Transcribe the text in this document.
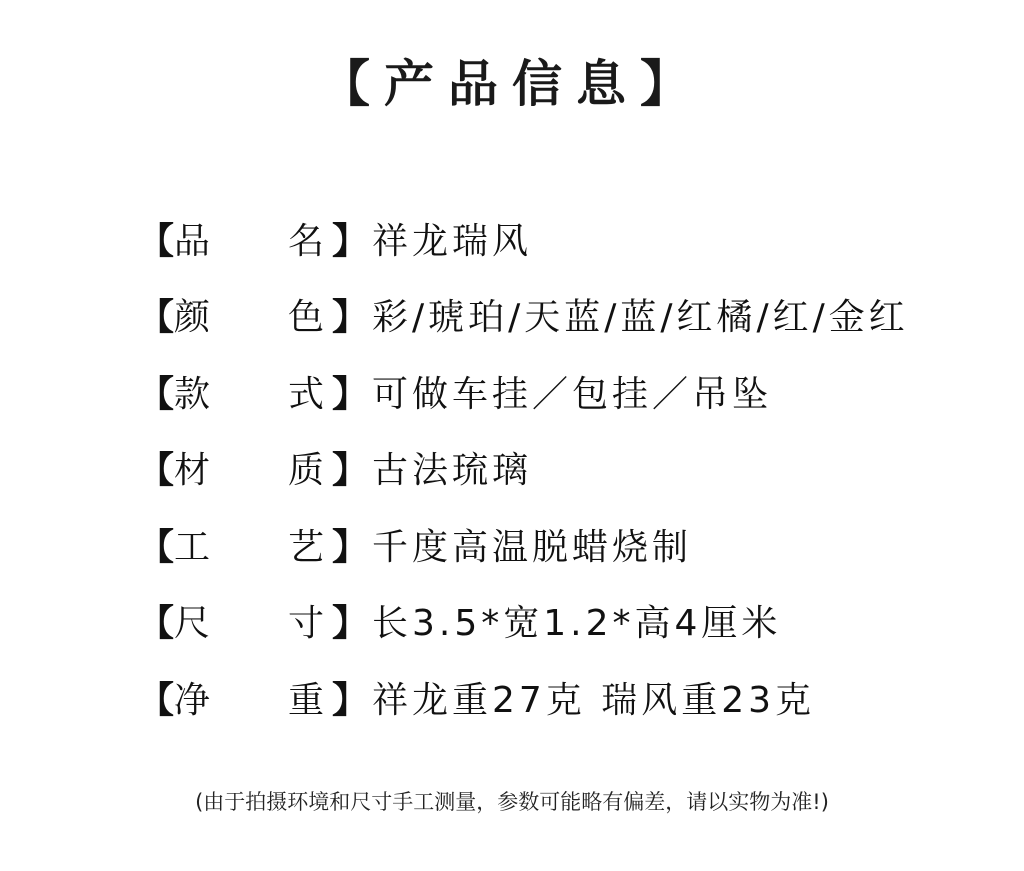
【产品信息】
【 品	名 】 祥龙瑞风
【 颜	色 】 彩/琥珀/天蓝/蓝/红橘/红/金红
【 款	式 】 可做车挂／包挂／吊坠
【 材	质 】 古法琉璃
【 工	艺 】 千度高温脱蜡烧制
【 尺	寸 】 长3.5*宽1.2*高4厘米
【 净	重 】 祥龙重27克 瑞风重23克
(由于拍摄环境和尺寸手工测量，参数可能略有偏差，请以实物为准!)
